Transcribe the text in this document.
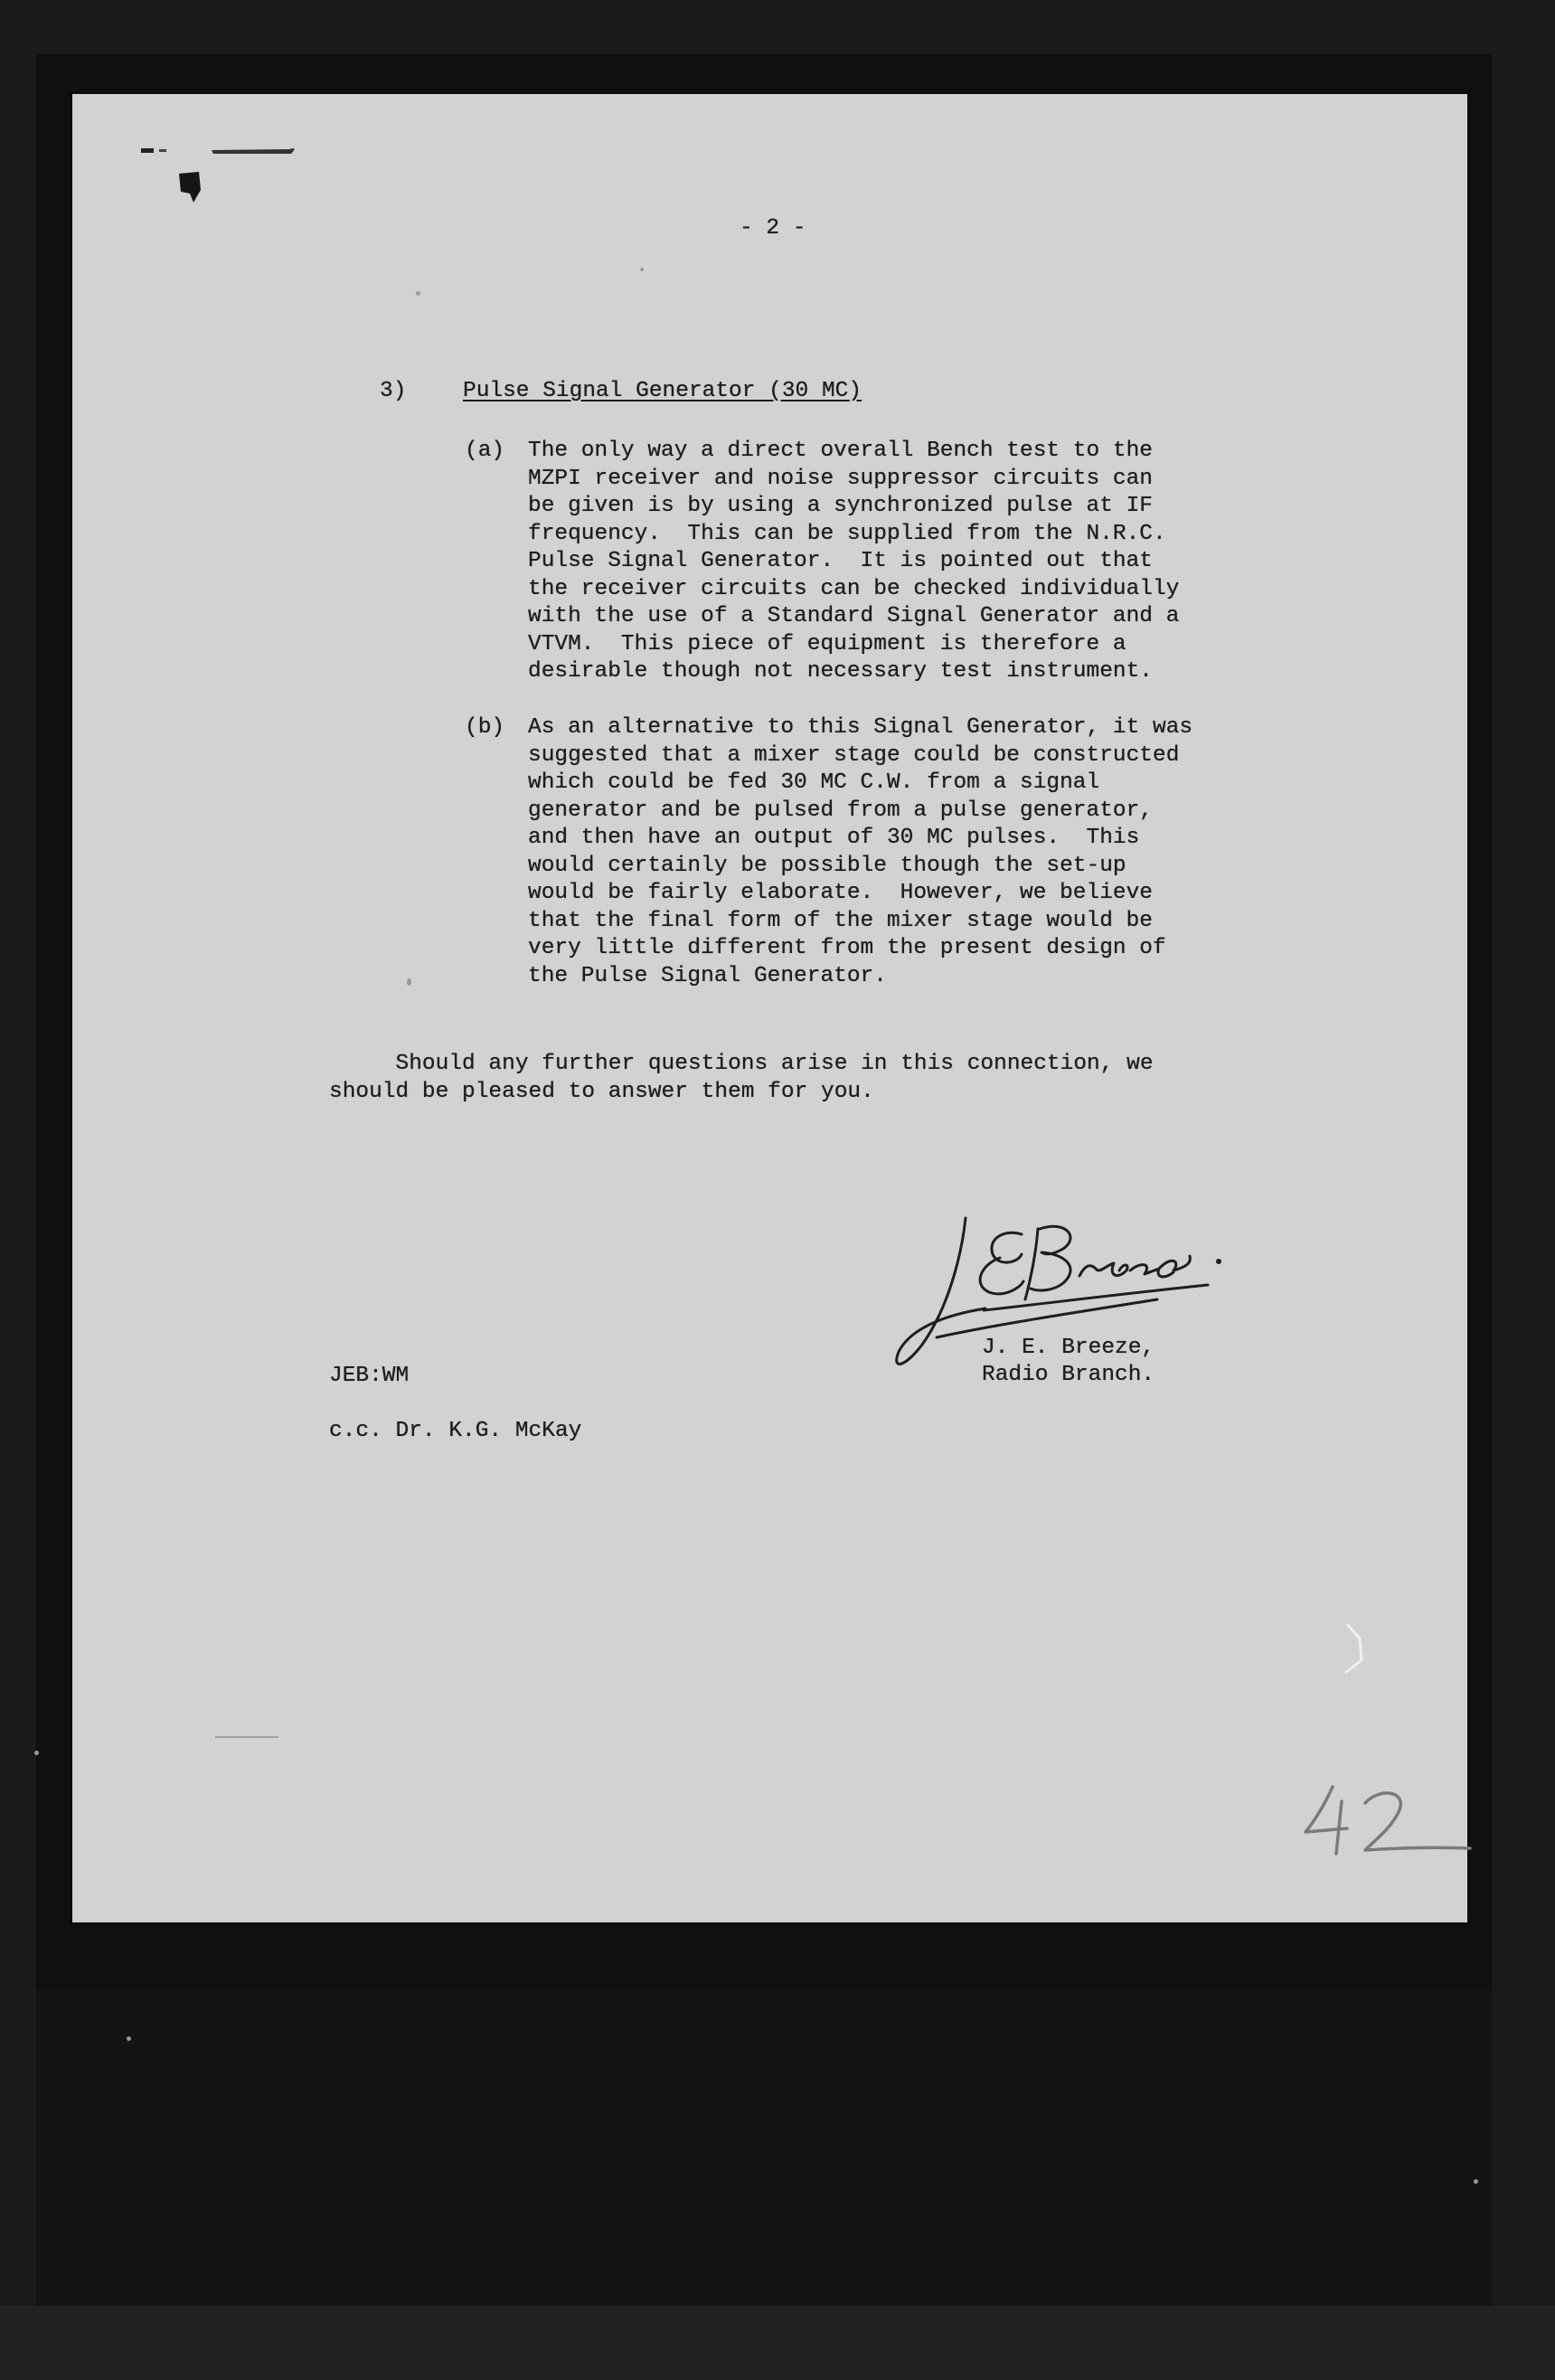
- 2 -
3)	Pulse Signal Generator (30 MC)
(a) The only way a direct overall Bench test to the
MZPI receiver and noise suppressor circuits can
be given is by using a synchronized pulse at IF
frequency.  This can be supplied from the N.R.C.
Pulse Signal Generator.  It is pointed out that
the receiver circuits can be checked individually
with the use of a Standard Signal Generator and a
VTVM.  This piece of equipment is therefore a
desirable though not necessary test instrument.
(b) As an alternative to this Signal Generator, it was
suggested that a mixer stage could be constructed
which could be fed 30 MC C.W. from a signal
generator and be pulsed from a pulse generator,
and then have an output of 30 MC pulses.  This
would certainly be possible though the set-up
would be fairly elaborate.  However, we believe
that the final form of the mixer stage would be
very little different from the present design of
the Pulse Signal Generator.
Should any further questions arise in this connection, we
should be pleased to answer them for you.
J. E. Breeze,
Radio Branch.
JEB:WM
c.c. Dr. K.G. McKay
